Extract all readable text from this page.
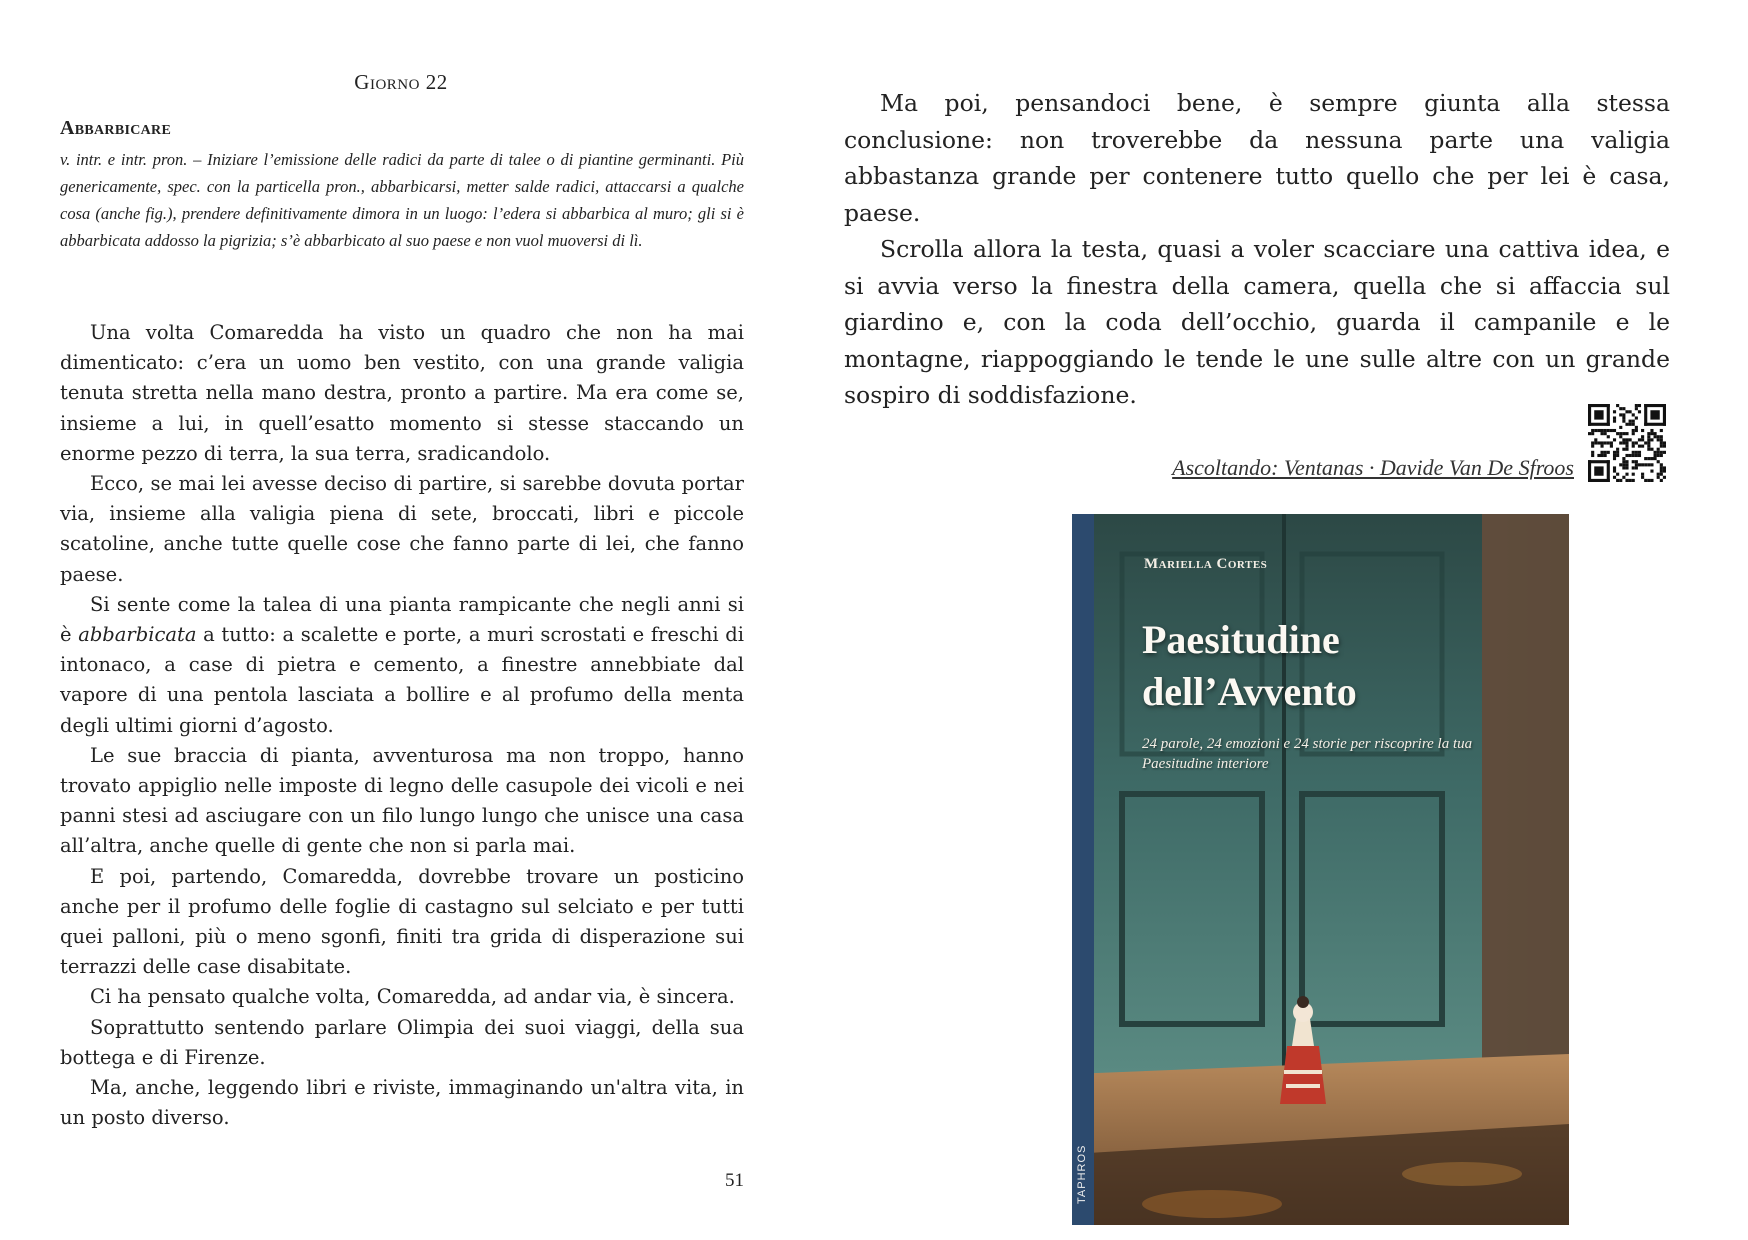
Giorno 22
Abbarbicare

v. intr. e intr. pron. – Iniziare l’emissione delle radici da parte di talee o di piantine germinanti. Più genericamente, spec. con la particella pron., abbarbicarsi, metter salde radici, attaccarsi a qualche cosa (anche fig.), prendere definitivamente dimora in un luogo: l’edera si abbarbica al muro; gli si è abbarbicata addosso la pigrizia; s’è abbarbicato al suo paese e non vuol muoversi di lì.

Una volta Comaredda ha visto un quadro che non ha mai dimenticato: c’era un uomo ben vestito, con una grande valigia tenuta stretta nella mano destra, pronto a partire. Ma era come se, insieme a lui, in quell’esatto momento si stesse staccando un enorme pezzo di terra, la sua terra, sradicandolo.

Ecco, se mai lei avesse deciso di partire, si sarebbe dovuta portar via, insieme alla valigia piena di sete, broccati, libri e piccole scatoline, anche tutte quelle cose che fanno parte di lei, che fanno paese.

Si sente come la talea di una pianta rampicante che negli anni si è abbarbicata a tutto: a scalette e porte, a muri scrostati e freschi di intonaco, a case di pietra e cemento, a finestre annebbiate dal vapore di una pentola lasciata a bollire e al profumo della menta degli ultimi giorni d’agosto.

Le sue braccia di pianta, avventurosa ma non troppo, hanno trovato appiglio nelle imposte di legno delle casupole dei vicoli e nei panni stesi ad asciugare con un filo lungo lungo che unisce una casa all’altra, anche quelle di gente che non si parla mai.

E poi, partendo, Comaredda, dovrebbe trovare un posticino anche per il profumo delle foglie di castagno sul selciato e per tutti quei palloni, più o meno sgonfi, finiti tra grida di disperazione sui terrazzi delle case disabitate.

Ci ha pensato qualche volta, Comaredda, ad andar via, è sincera.

Soprattutto sentendo parlare Olimpia dei suoi viaggi, della sua bottega e di Firenze.

Ma, anche, leggendo libri e riviste, immaginando un'altra vita, in un posto diverso.

51

Ma poi, pensandoci bene, è sempre giunta alla stessa conclusione: non troverebbe da nessuna parte una valigia abbastanza grande per contenere tutto quello che per lei è casa, paese.

Scrolla allora la testa, quasi a voler scacciare una cattiva idea, e si avvia verso la finestra della camera, quella che si affaccia sul giardino e, con la coda dell’occhio, guarda il campanile e le montagne, riappoggiando le tende le une sulle altre con un grande sospiro di soddisfazione.

Ascoltando: Ventanas · Davide Van De Sfroos
Mariella Cortes
Paesitudine dell’Avvento
24 parole, 24 emozioni e 24 storie per riscoprire la tua Paesitudine interiore
TAPHROS
